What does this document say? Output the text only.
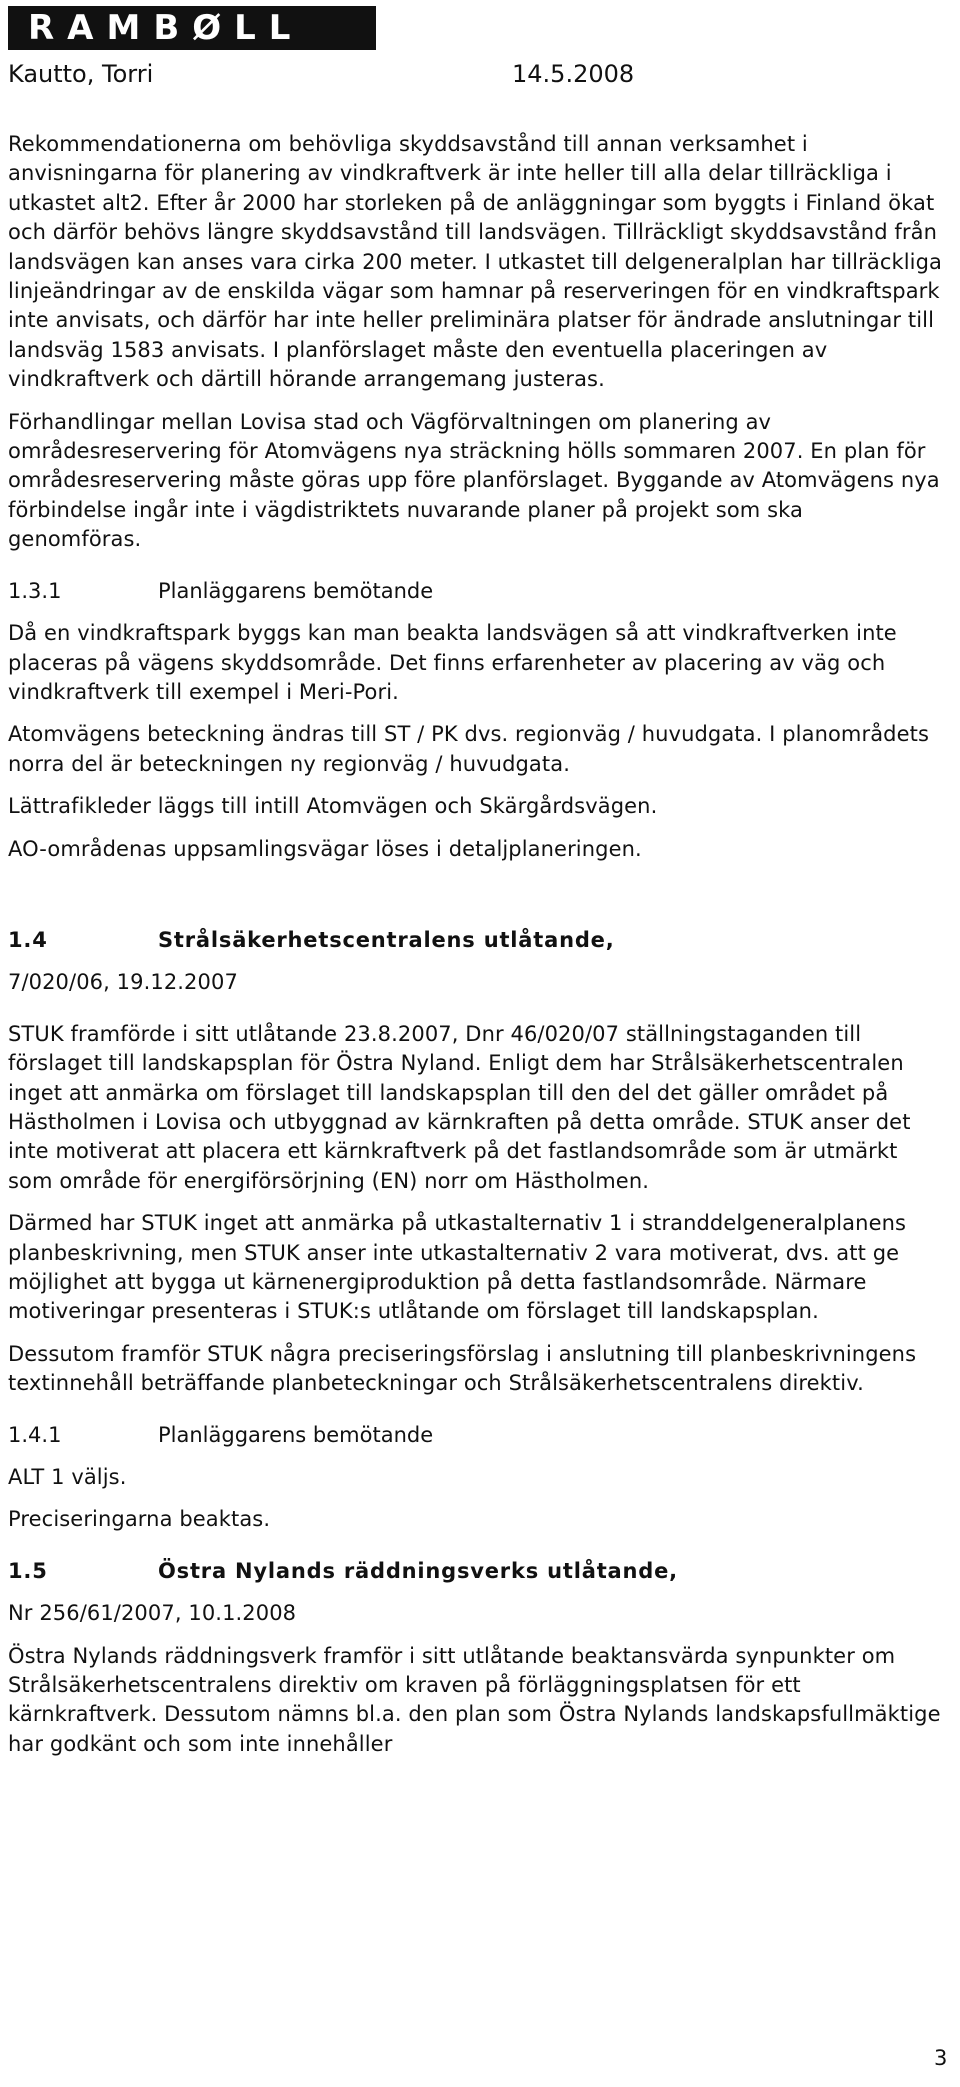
RAMBØLL
Kautto, Torri	14.5.2008

Rekommendationerna om behövliga skyddsavstånd till annan verksamhet i anvisningarna för planering av vindkraftverk är inte heller till alla delar tillräckliga i utkastet alt2. Efter år 2000 har storleken på de anläggningar som byggts i Finland ökat och därför behövs längre skyddsavstånd till landsvägen. Tillräckligt skyddsavstånd från landsvägen kan anses vara cirka 200 meter. I utkastet till delgeneralplan har tillräckliga linjeändringar av de enskilda vägar som hamnar på reserveringen för en vindkraftspark inte anvisats, och därför har inte heller preliminära platser för ändrade anslutningar till landsväg 1583 anvisats. I planförslaget måste den eventuella placeringen av vindkraftverk och därtill hörande arrangemang justeras.

Förhandlingar mellan Lovisa stad och Vägförvaltningen om planering av områdesreservering för Atomvägens nya sträckning hölls sommaren 2007. En plan för områdesreservering måste göras upp före planförslaget. Byggande av Atomvägens nya förbindelse ingår inte i vägdistriktets nuvarande planer på projekt som ska genomföras.

1.3.1	Planläggarens bemötande

Då en vindkraftspark byggs kan man beakta landsvägen så att vindkraftverken inte placeras på vägens skyddsområde. Det finns erfarenheter av placering av väg och vindkraftverk till exempel i Meri-Pori.

Atomvägens beteckning ändras till ST / PK dvs. regionväg / huvudgata. I planområdets norra del är beteckningen ny regionväg / huvudgata.

Lättrafikleder läggs till intill Atomvägen och Skärgårdsvägen.

AO-områdenas uppsamlingsvägar löses i detaljplaneringen.

1.4	Strålsäkerhetscentralens utlåtande,

7/020/06, 19.12.2007

STUK framförde i sitt utlåtande 23.8.2007, Dnr 46/020/07 ställningstaganden till förslaget till landskapsplan för Östra Nyland. Enligt dem har Strålsäkerhetscentralen inget att anmärka om förslaget till landskapsplan till den del det gäller området på Hästholmen i Lovisa och utbyggnad av kärnkraften på detta område. STUK anser det inte motiverat att placera ett kärnkraftverk på det fastlandsområde som är utmärkt som område för energiförsörjning (EN) norr om Hästholmen.

Därmed har STUK inget att anmärka på utkastalternativ 1 i stranddelgeneralplanens planbeskrivning, men STUK anser inte utkastalternativ 2 vara motiverat, dvs. att ge möjlighet att bygga ut kärnenergiproduktion på detta fastlandsområde. Närmare motiveringar presenteras i STUK:s utlåtande om förslaget till landskapsplan.

Dessutom framför STUK några preciseringsförslag i anslutning till planbeskrivningens textinnehåll beträffande planbeteckningar och Strålsäkerhetscentralens direktiv.

1.4.1	Planläggarens bemötande

ALT 1 väljs.

Preciseringarna beaktas.

1.5	Östra Nylands räddningsverks utlåtande,

Nr 256/61/2007, 10.1.2008

Östra Nylands räddningsverk framför i sitt utlåtande beaktansvärda synpunkter om Strålsäkerhetscentralens direktiv om kraven på förläggningsplatsen för ett kärnkraftverk. Dessutom nämns bl.a. den plan som Östra Nylands landskapsfullmäktige har godkänt och som inte innehåller

3
